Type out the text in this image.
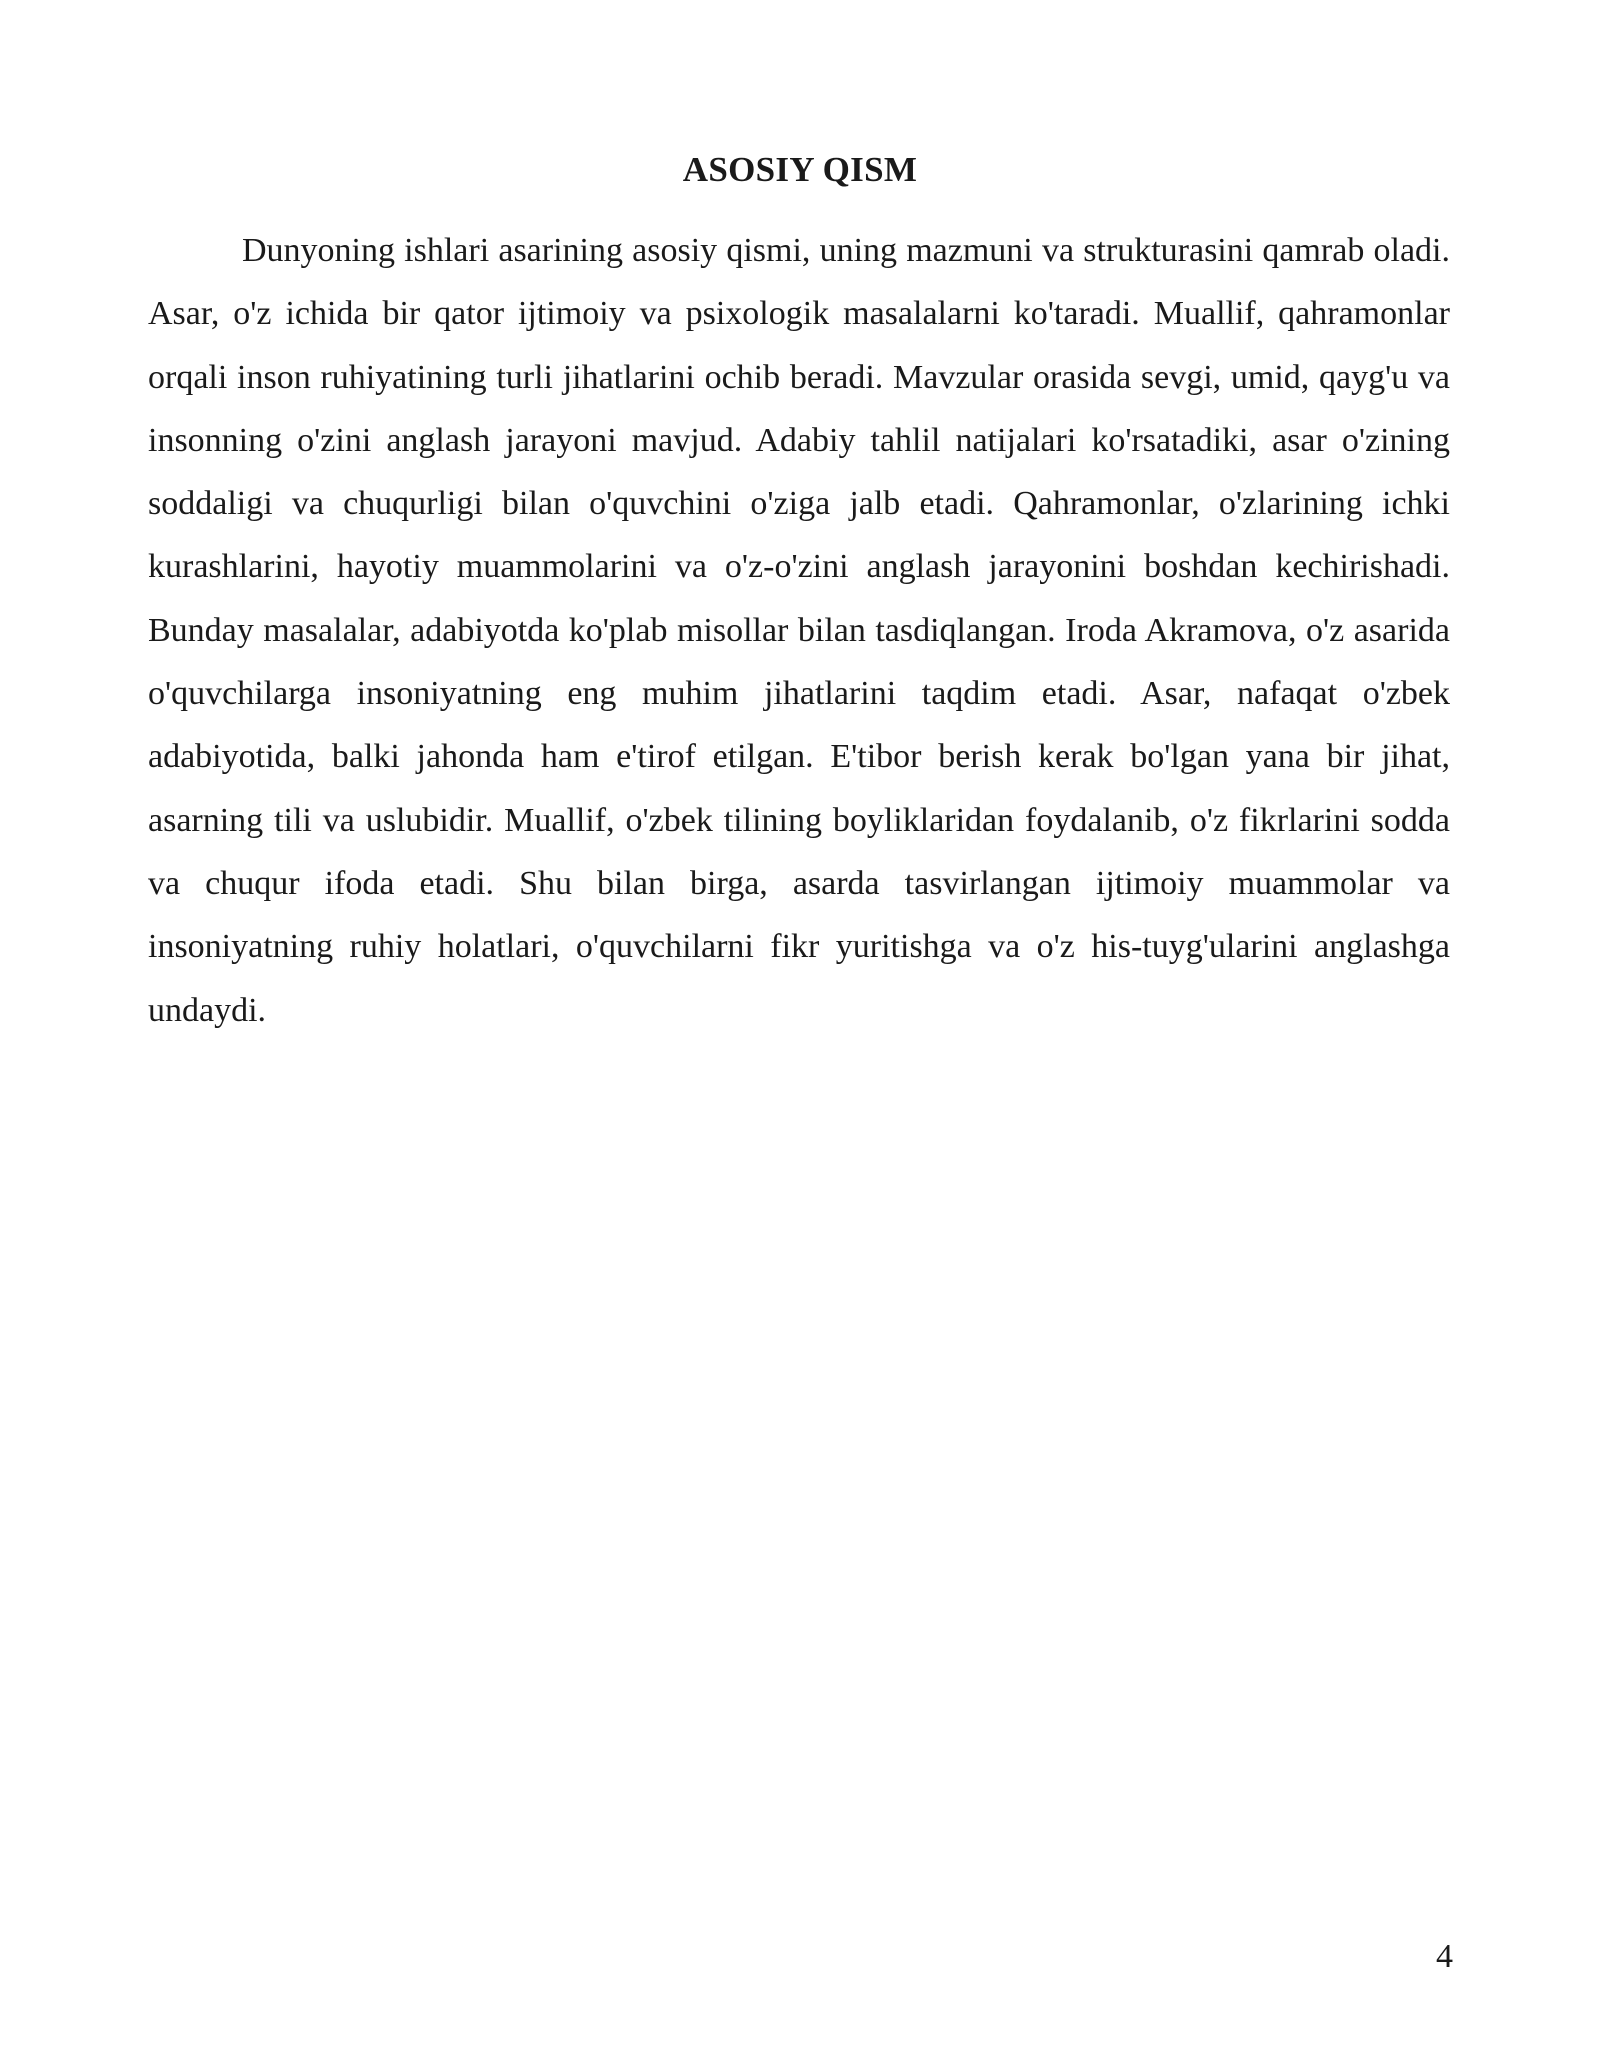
ASOSIY QISM

Dunyoning ishlari asarining asosiy qismi, uning mazmuni va strukturasini qamrab oladi. Asar, o'z ichida bir qator ijtimoiy va psixologik masalalarni ko'taradi. Muallif, qahramonlar orqali inson ruhiyatining turli jihatlarini ochib beradi. Mavzular orasida sevgi, umid, qayg'u va insonning o'zini anglash jarayoni mavjud. Adabiy tahlil natijalari ko'rsatadiki, asar o'zining soddaligi va chuqurligi bilan o'quvchini o'ziga jalb etadi. Qahramonlar, o'zlarining ichki kurashlarini, hayotiy muammolarini va o'z-o'zini anglash jarayonini boshdan kechirishadi. Bunday masalalar, adabiyotda ko'plab misollar bilan tasdiqlangan. Iroda Akramova, o'z asarida o'quvchilarga insoniyatning eng muhim jihatlarini taqdim etadi. Asar, nafaqat o'zbek adabiyotida, balki jahonda ham e'tirof etilgan. E'tibor berish kerak bo'lgan yana bir jihat, asarning tili va uslubidir. Muallif, o'zbek tilining boyliklaridan foydalanib, o'z fikrlarini sodda va chuqur ifoda etadi. Shu bilan birga, asarda tasvirlangan ijtimoiy muammolar va insoniyatning ruhiy holatlari, o'quvchilarni fikr yuritishga va o'z his-tuyg'ularini anglashga undaydi.

4
